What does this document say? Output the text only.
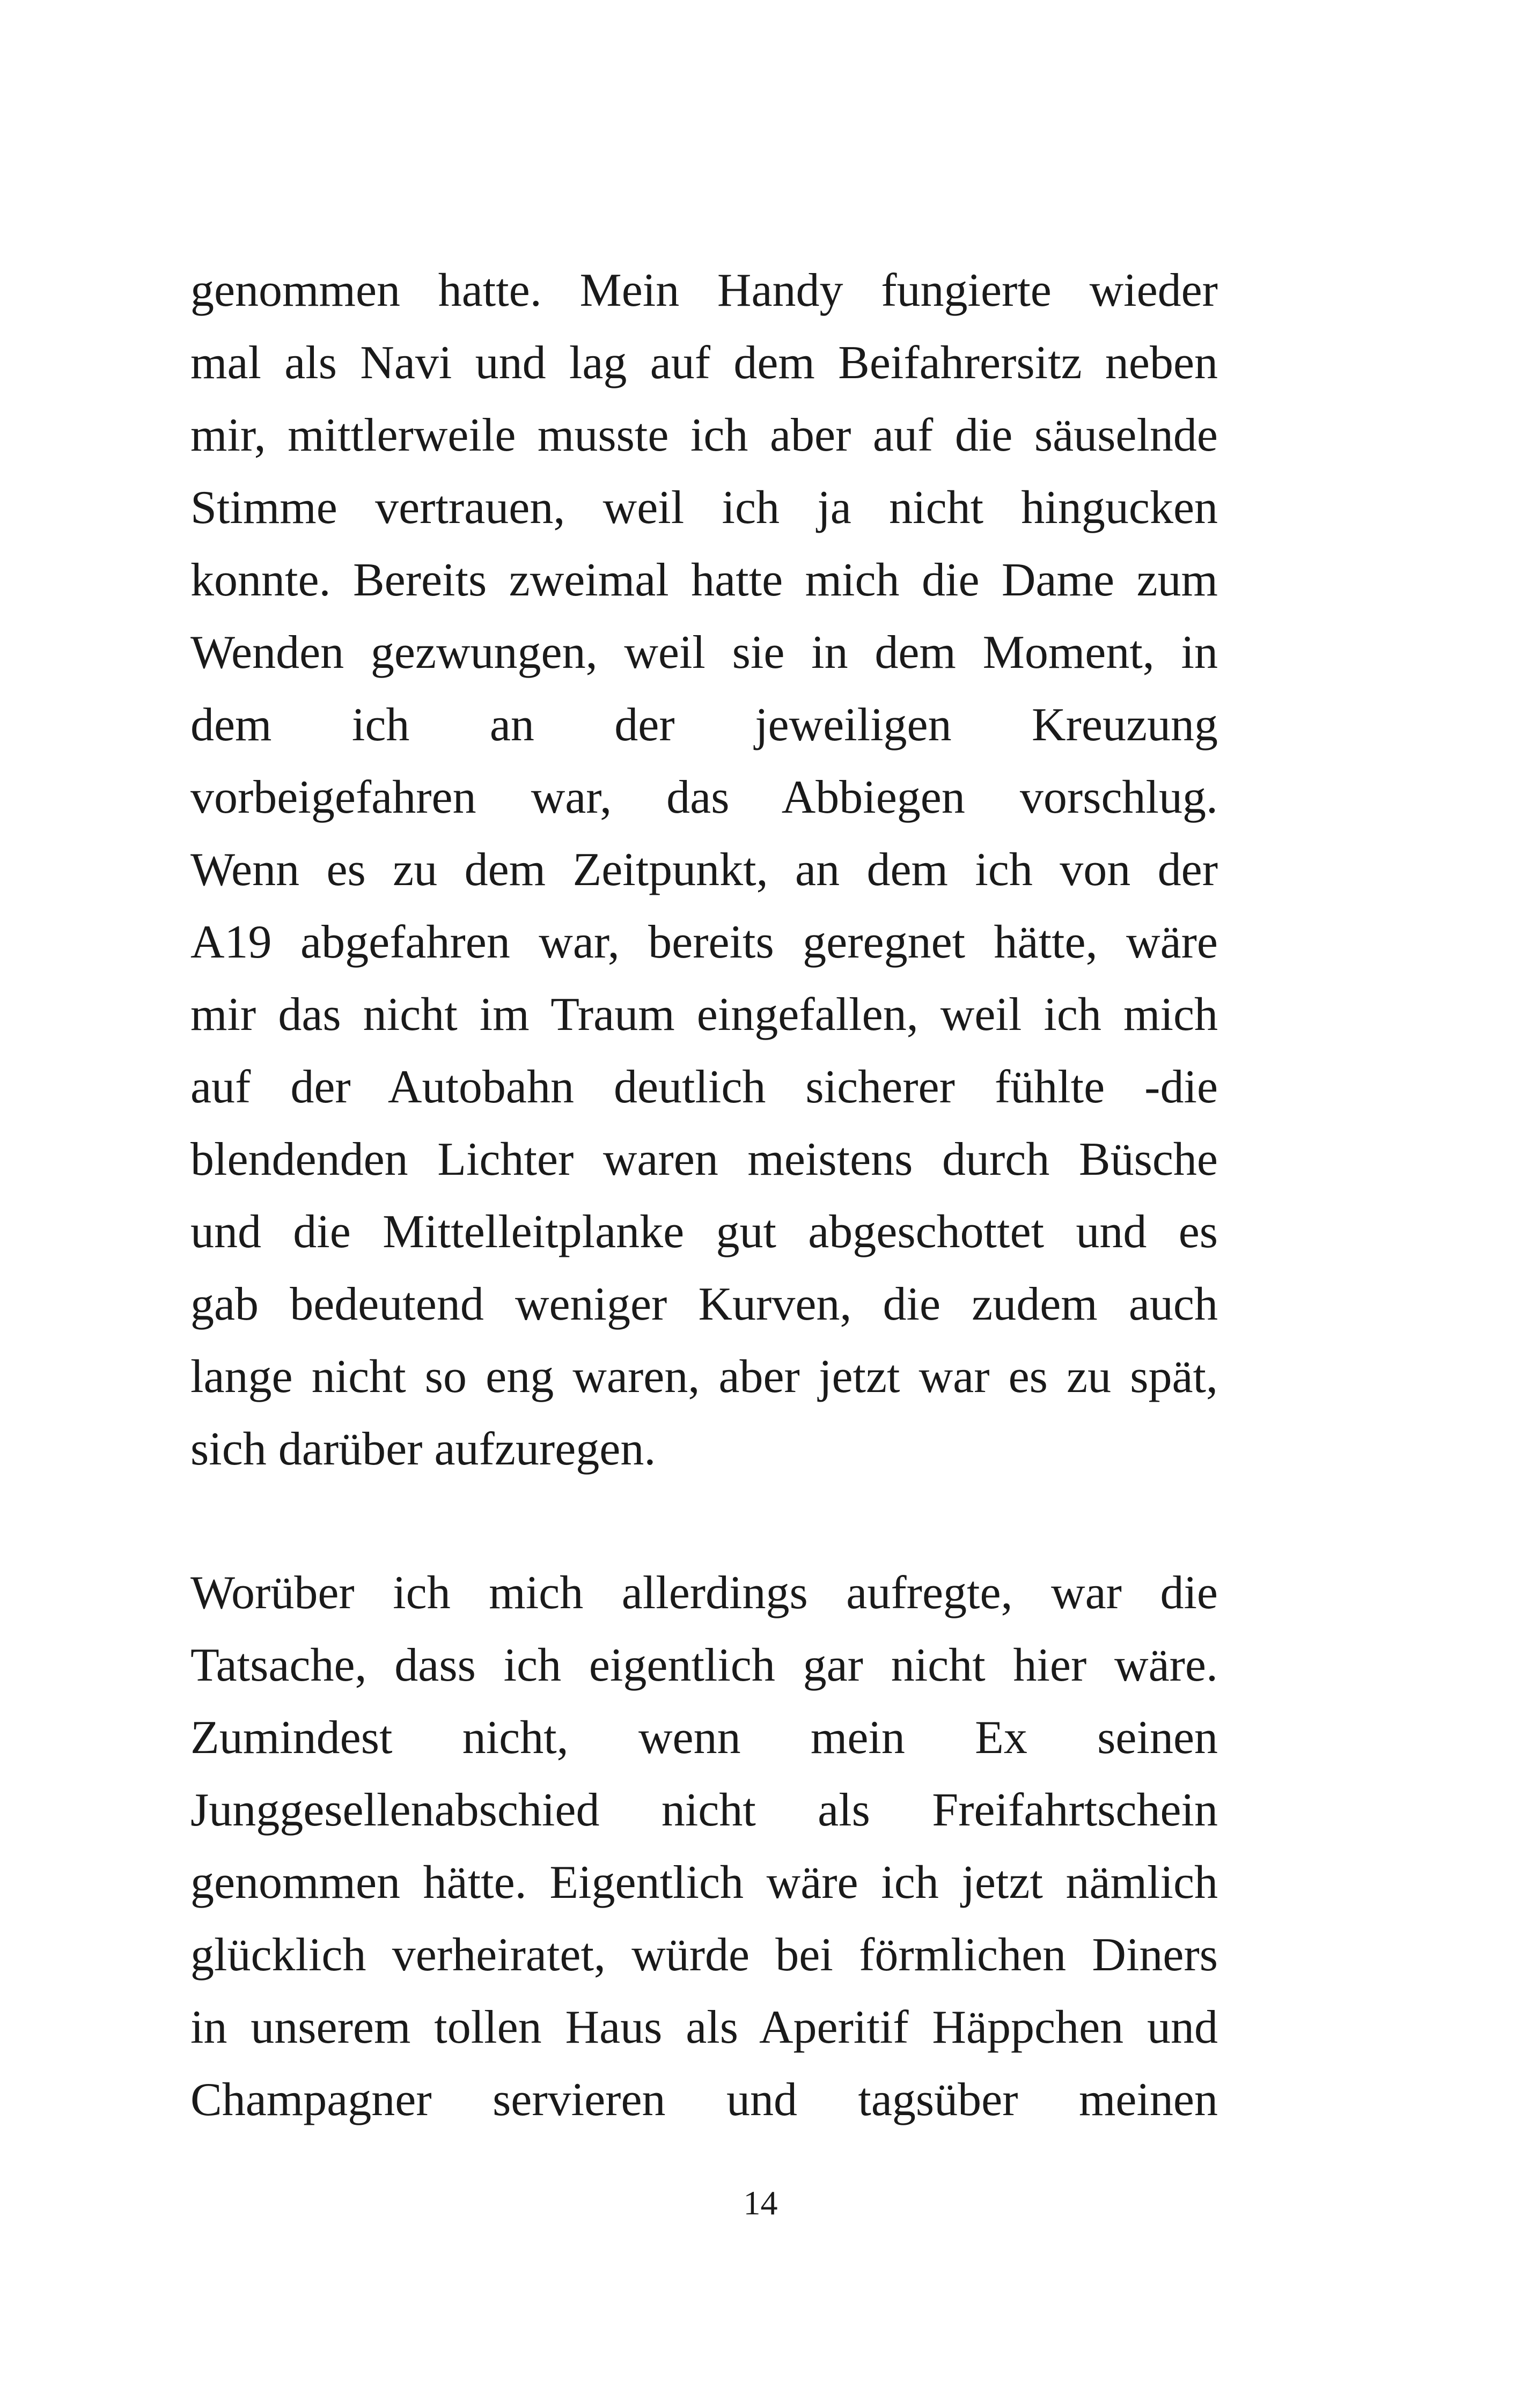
genommen hatte. Mein Handy fungierte wieder
mal als Navi und lag auf dem Beifahrersitz neben
mir, mittlerweile musste ich aber auf die säuselnde
Stimme vertrauen, weil ich ja nicht hingucken
konnte. Bereits zweimal hatte mich die Dame zum
Wenden gezwungen, weil sie in dem Moment, in
dem ich an der jeweiligen Kreuzung
vorbeigefahren war, das Abbiegen vorschlug.
Wenn es zu dem Zeitpunkt, an dem ich von der
A19 abgefahren war, bereits geregnet hätte, wäre
mir das nicht im Traum eingefallen, weil ich mich
auf der Autobahn deutlich sicherer fühlte -die
blendenden Lichter waren meistens durch Büsche
und die Mittelleitplanke gut abgeschottet und es
gab bedeutend weniger Kurven, die zudem auch
lange nicht so eng waren, aber jetzt war es zu spät,
sich darüber aufzuregen.
Worüber ich mich allerdings aufregte, war die
Tatsache, dass ich eigentlich gar nicht hier wäre.
Zumindest nicht, wenn mein Ex seinen
Junggesellenabschied nicht als Freifahrtschein
genommen hätte. Eigentlich wäre ich jetzt nämlich
glücklich verheiratet, würde bei förmlichen Diners
in unserem tollen Haus als Aperitif Häppchen und
Champagner servieren und tagsüber meinen
14
